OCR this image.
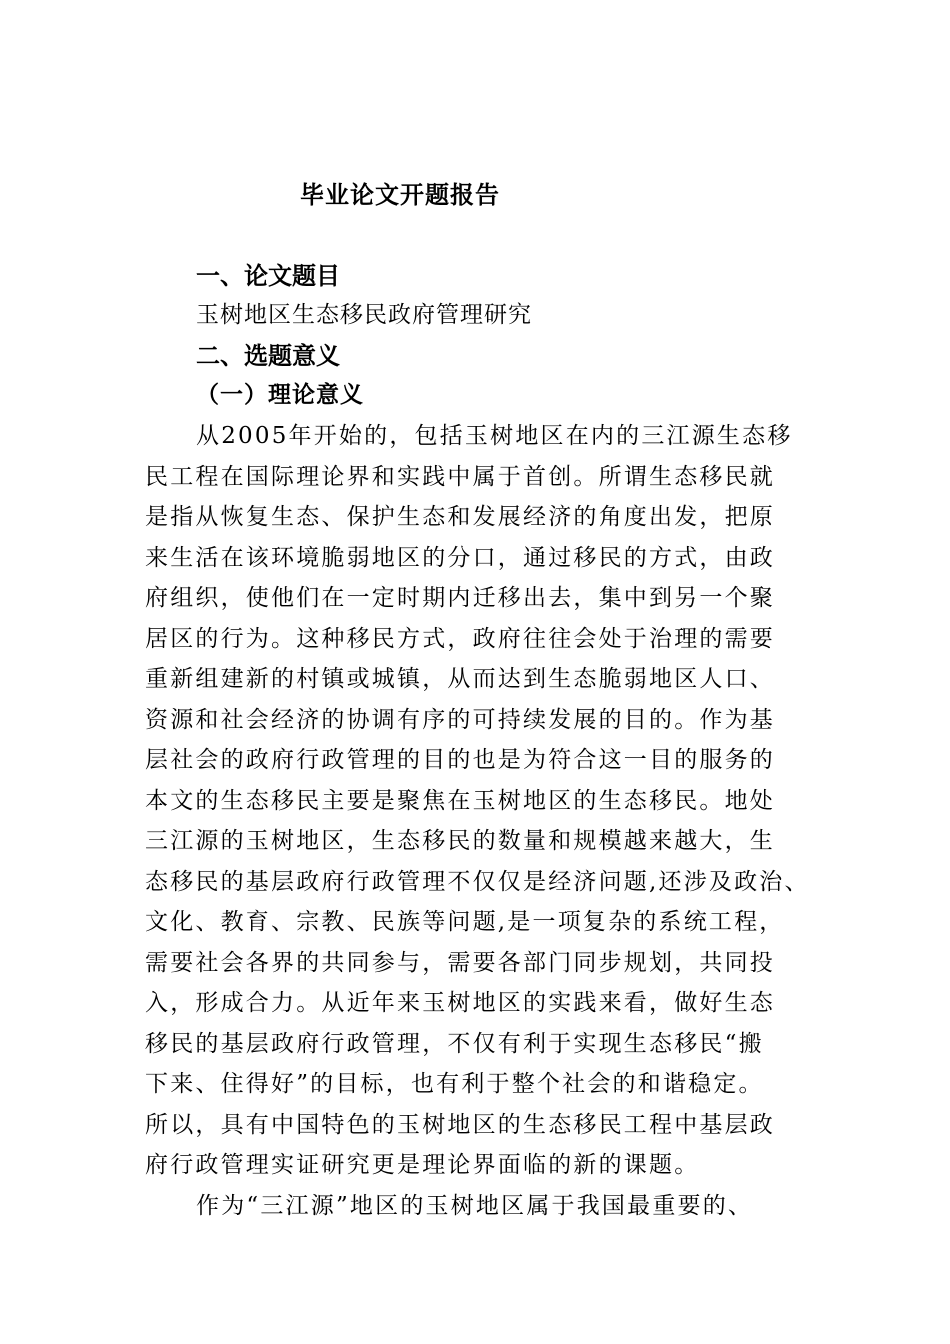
毕业论文开题报告
一、论文题目

玉树地区生态移民政府管理研究

二、选题意义
（一）理论意义
从2005年开始的，包括玉树地区在内的三江源生态移
民工程在国际理论界和实践中属于首创。所谓生态移民就
是指从恢复生态、保护生态和发展经济的角度出发，把原
来生活在该环境脆弱地区的分口，通过移民的方式，由政
府组织，使他们在一定时期内迁移出去，集中到另一个聚
居区的行为。这种移民方式，政府往往会处于治理的需要
重新组建新的村镇或城镇，从而达到生态脆弱地区人口、
资源和社会经济的协调有序的可持续发展的目的。作为基
层社会的政府行政管理的目的也是为符合这一目的服务的
本文的生态移民主要是聚焦在玉树地区的生态移民。地处
三江源的玉树地区，生态移民的数量和规模越来越大，生
态移民的基层政府行政管理不仅仅是经济问题,还涉及政治、
文化、教育、宗教、民族等问题,是一项复杂的系统工程，
需要社会各界的共同参与，需要各部门同步规划，共同投
入，形成合力。从近年来玉树地区的实践来看，做好生态
移民的基层政府行政管理，不仅有利于实现生态移民“搬
下来、住得好”的目标，也有利于整个社会的和谐稳定。
所以，具有中国特色的玉树地区的生态移民工程中基层政
府行政管理实证研究更是理论界面临的新的课题。
作为“三江源”地区的玉树地区属于我国最重要的、
